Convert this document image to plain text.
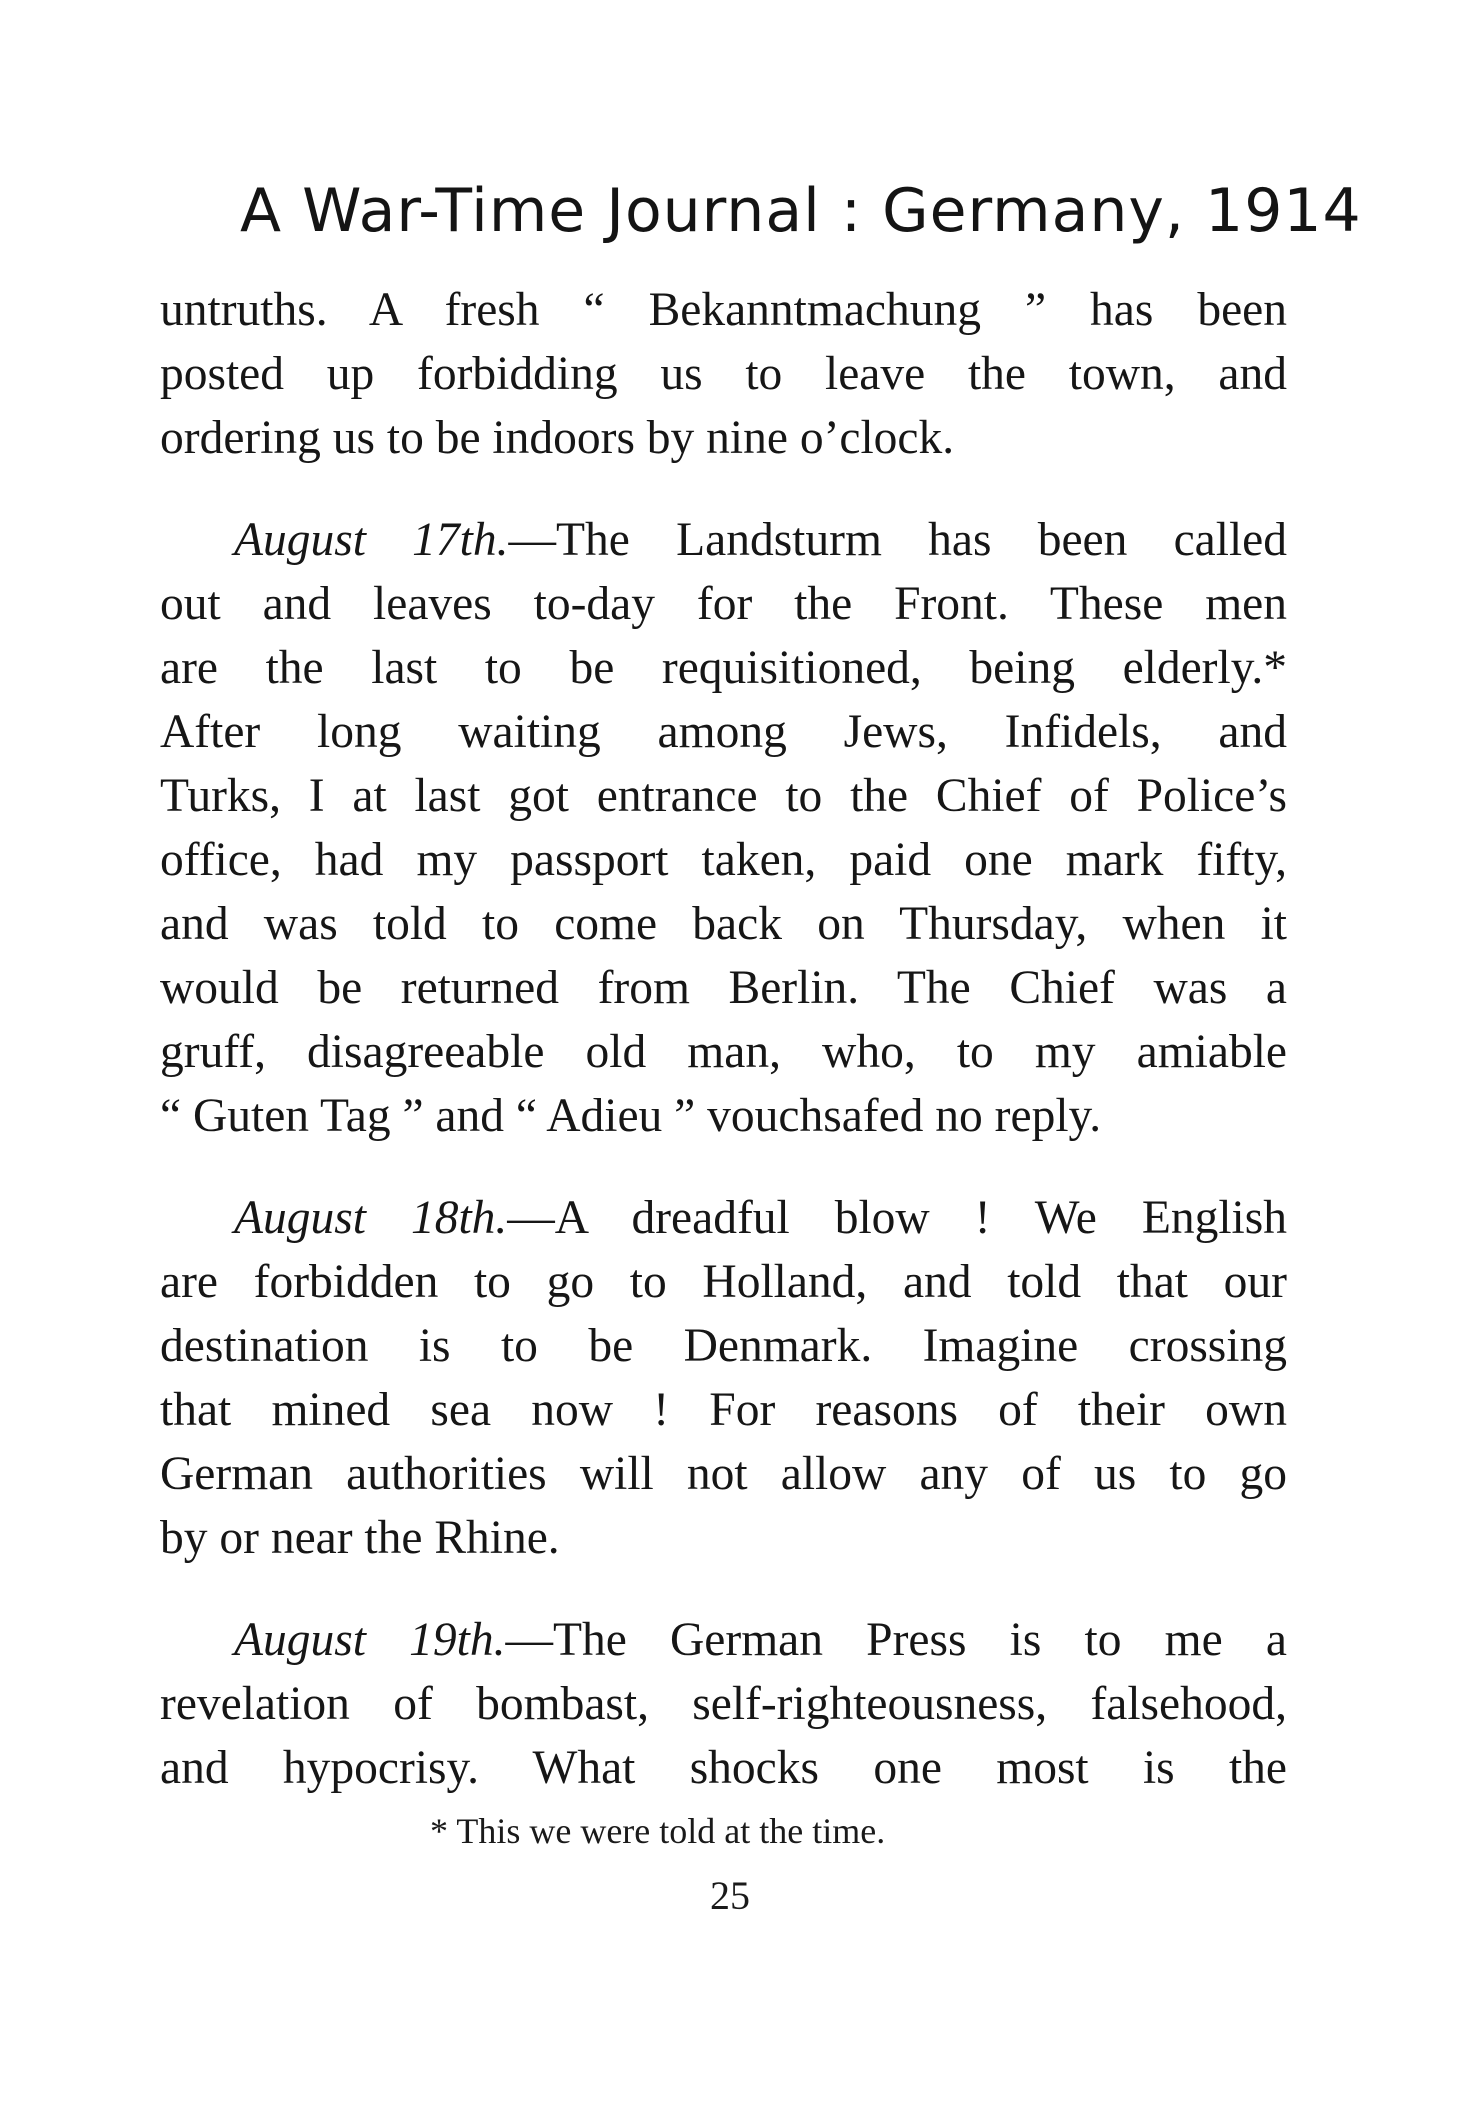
A War-Time Journal : Germany, 1914

untruths. A fresh “ Bekanntmachung ” has been

posted up forbidding us to leave the town, and

ordering us to be indoors by nine o’clock.

August 17th.—The Landsturm has been called

out and leaves to-day for the Front. These men

are the last to be requisitioned, being elderly.*

After long waiting among Jews, Infidels, and

Turks, I at last got entrance to the Chief of Police’s

office, had my passport taken, paid one mark fifty,

and was told to come back on Thursday, when it

would be returned from Berlin. The Chief was a

gruff, disagreeable old man, who, to my amiable

“ Guten Tag ” and “ Adieu ” vouchsafed no reply.

August 18th.—A dreadful blow ! We English

are forbidden to go to Holland, and told that our

destination is to be Denmark. Imagine crossing

that mined sea now ! For reasons of their own

German authorities will not allow any of us to go

by or near the Rhine.

August 19th.—The German Press is to me a

revelation of bombast, self-righteousness, falsehood,

and hypocrisy. What shocks one most is the

* This we were told at the time.
25
